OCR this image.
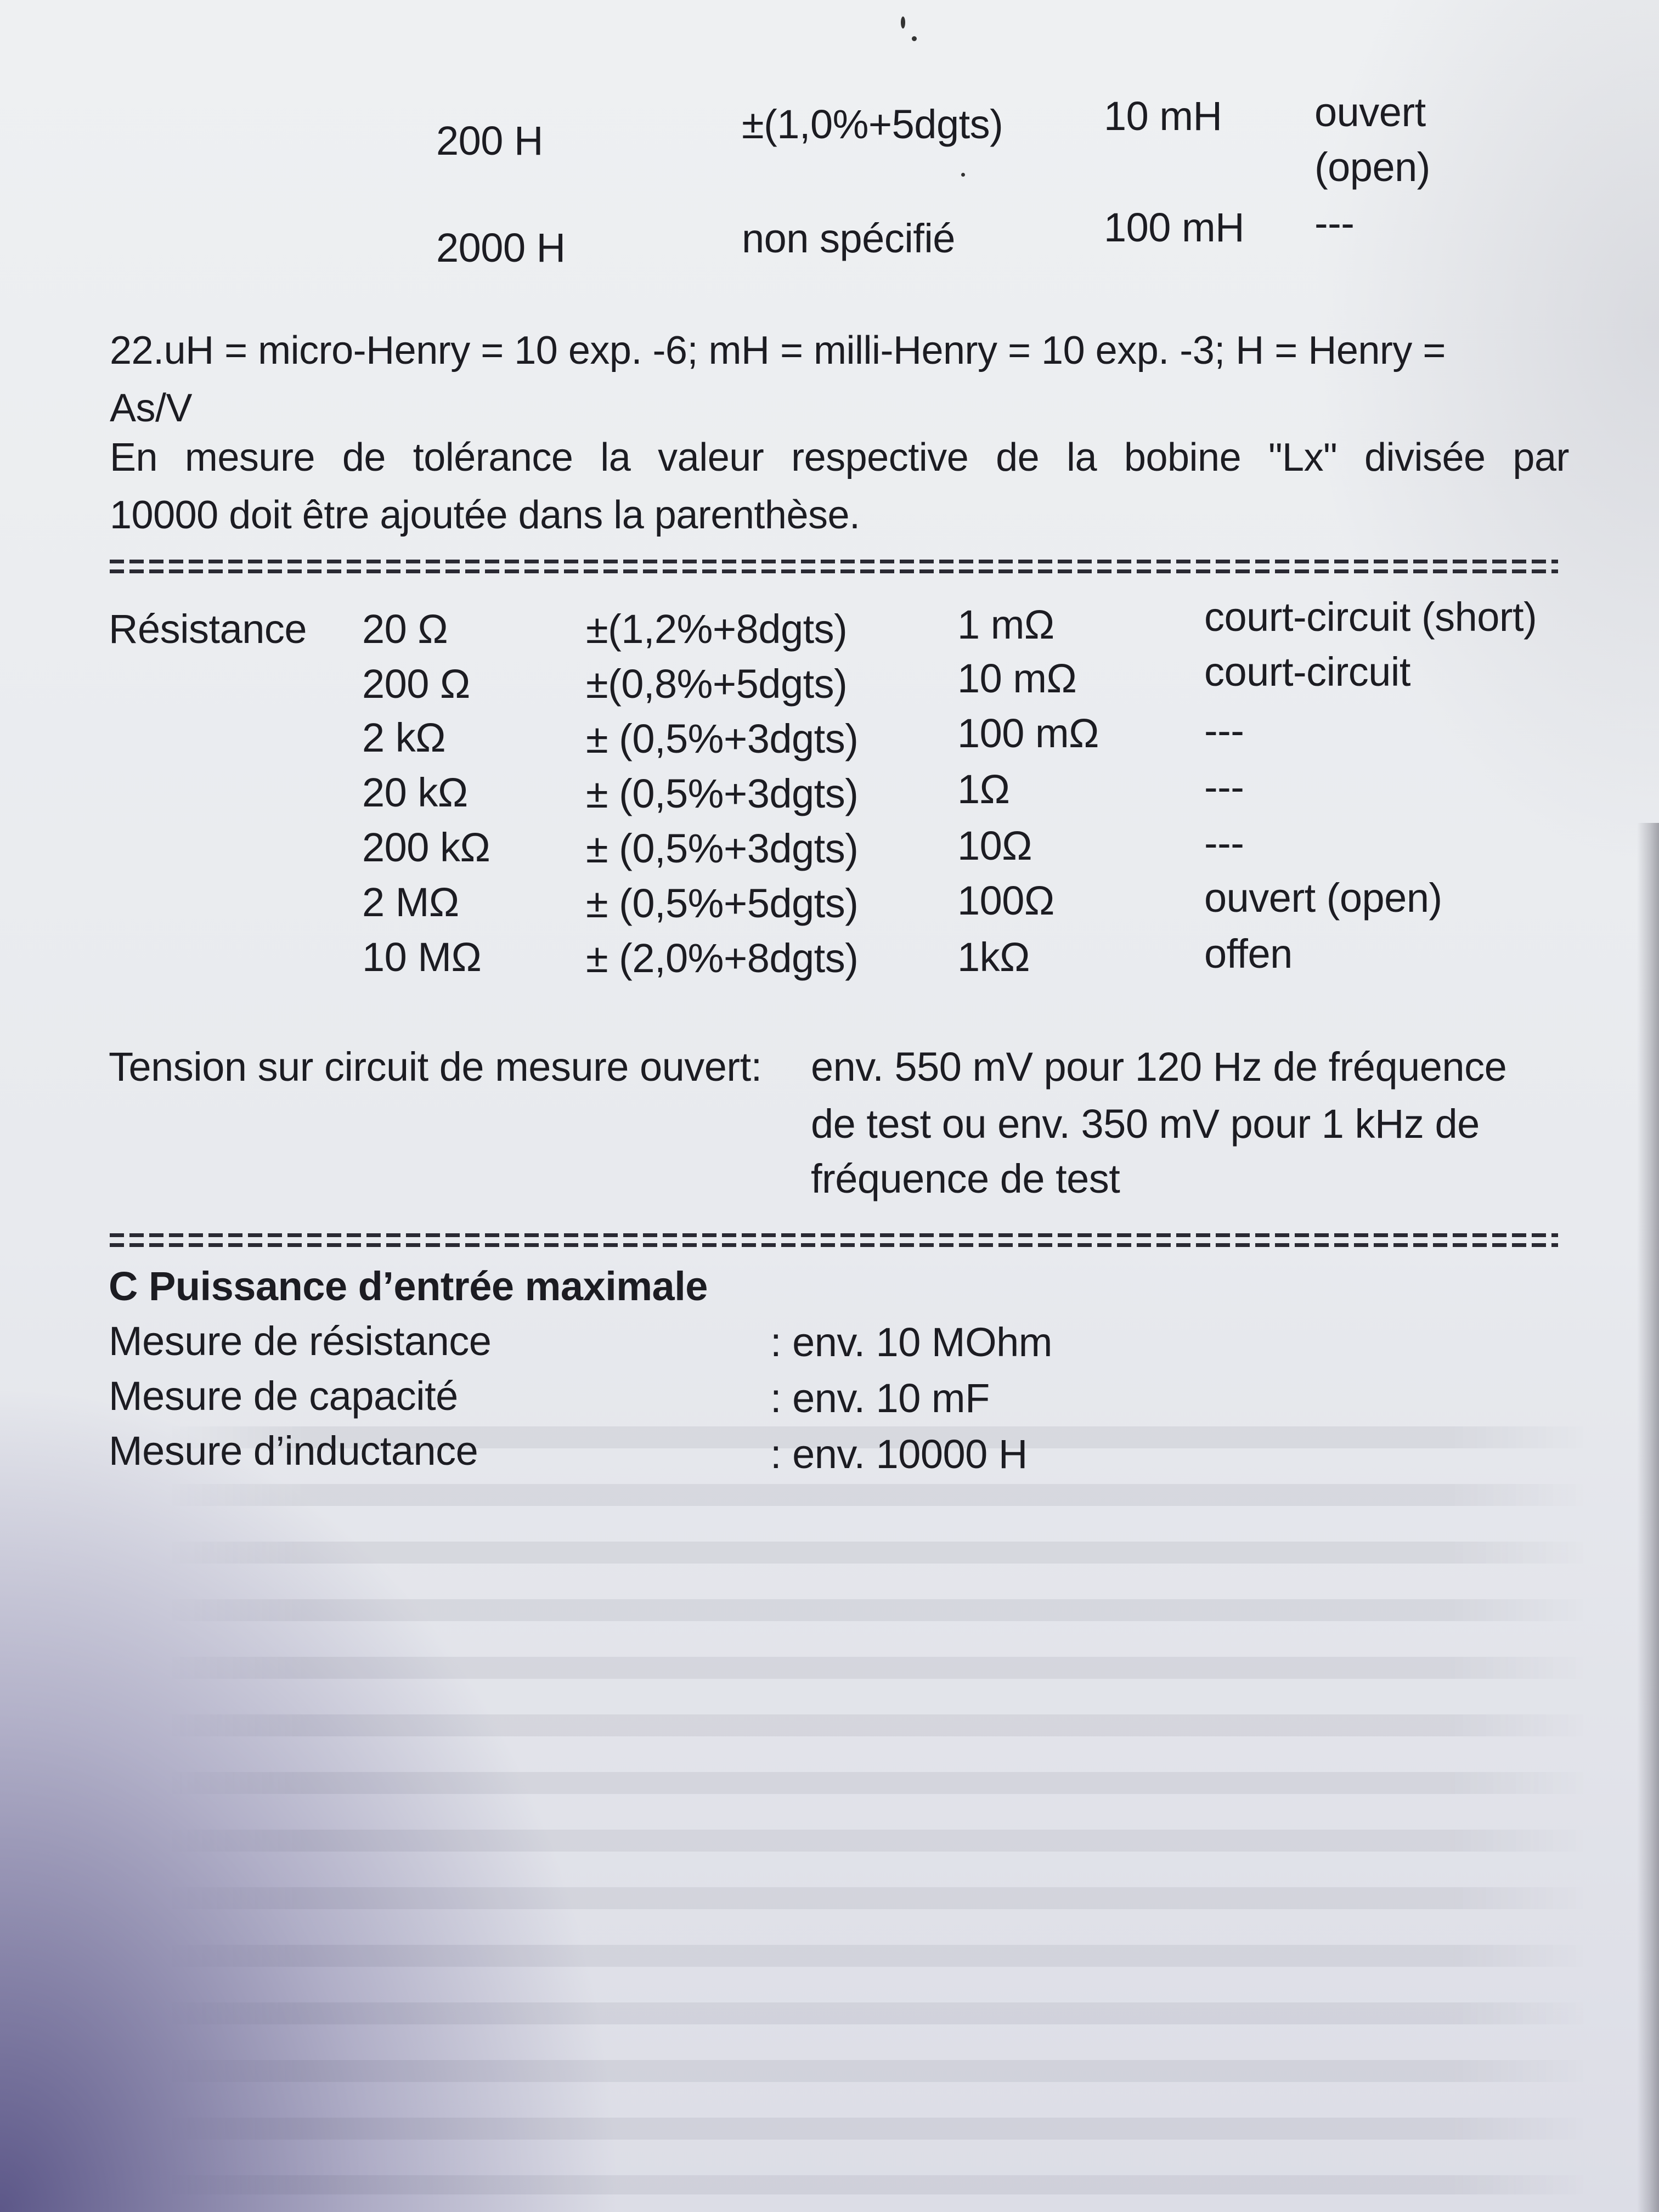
200 H	±(1,0%+5dgts) 10 mH ouvert
(open)
2000 H	non spécifié	100 mH ---
22.uH = micro-Henry = 10 exp. -6; mH = milli-Henry = 10 exp. -3; H = Henry =
As/V
En mesure de tolérance la valeur respective de la bobine "Lx" divisée par
10000 doit être ajoutée dans la parenthèse.
Résistance 20 Ω	±(1,2%+8dgts)	1 mΩ	court-circuit (short)
200 Ω	±(0,8%+5dgts)	10 mΩ	court-circuit
2 kΩ	± (0,5%+3dgts) 100 mΩ	---
20 kΩ	± (0,5%+3dgts) 1Ω	---
200 kΩ ± (0,5%+3dgts) 10Ω	---
2 MΩ	± (0,5%+5dgts) 100Ω	ouvert (open)
10 MΩ	± (2,0%+8dgts) 1kΩ	offen
Tension sur circuit de mesure ouvert: env. 550 mV pour 120 Hz de fréquence
de test ou env. 350 mV pour 1 kHz de
fréquence de test
C Puissance d’entrée maximale
Mesure de résistance	: env. 10 MOhm
Mesure de capacité	: env. 10 mF
Mesure d’inductance	: env. 10000 H
